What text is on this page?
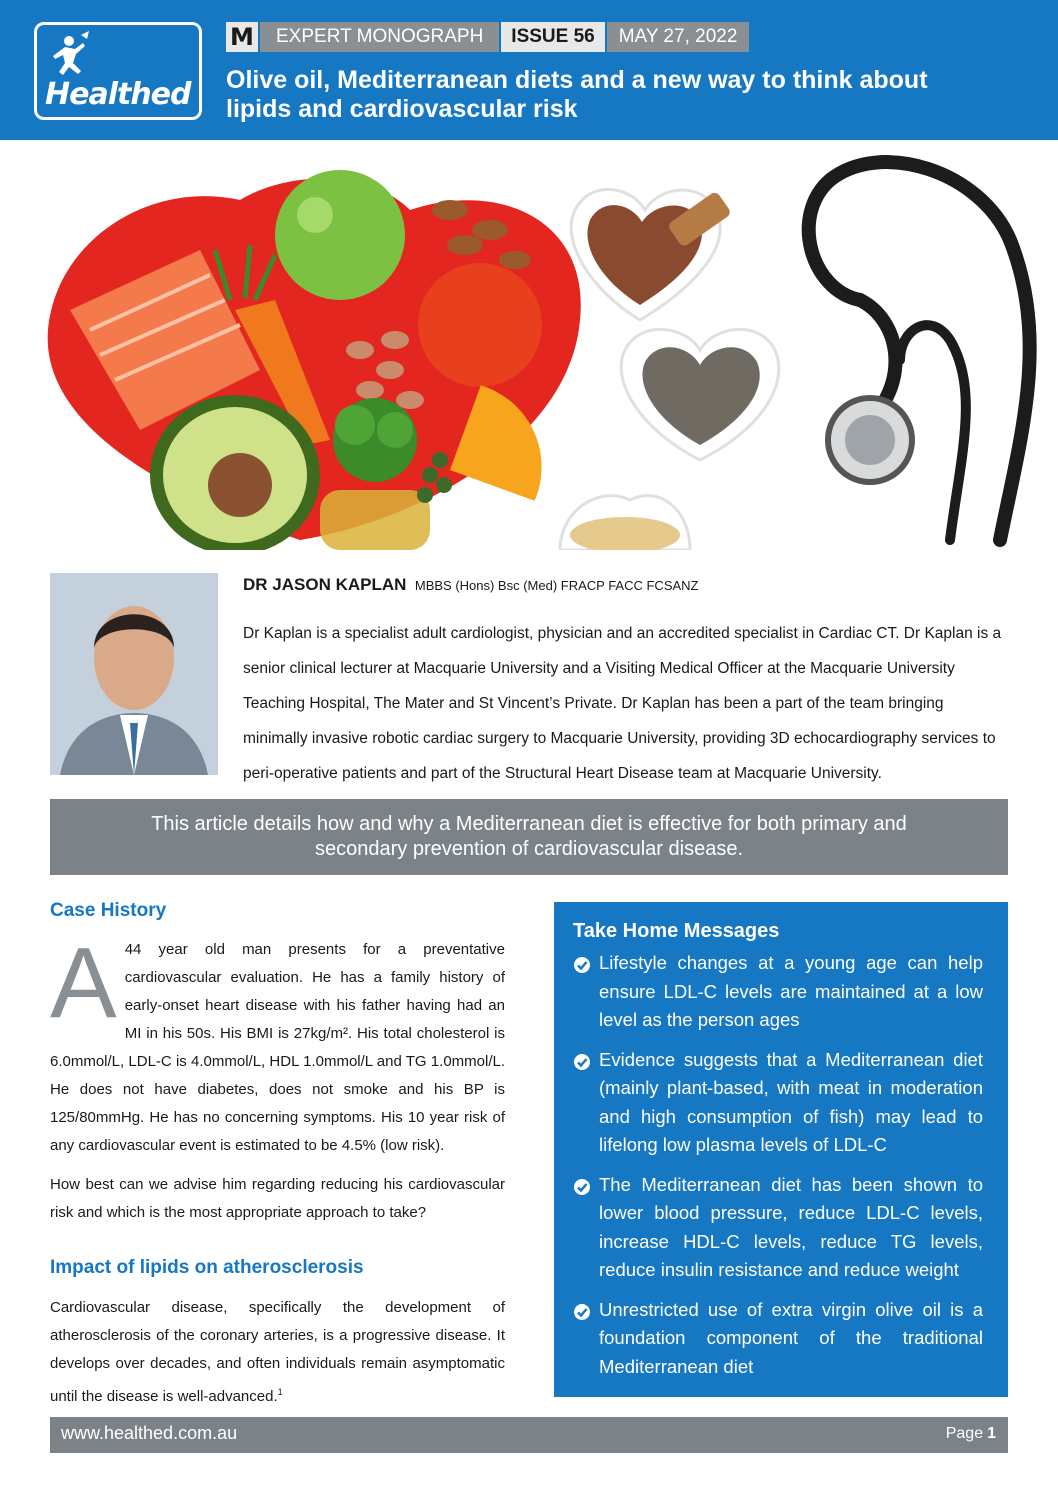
Healthed
M	EXPERT MONOGRAPH	ISSUE 56	MAY 27, 2022
Olive oil, Mediterranean diets and a new way to think about
lipids and cardiovascular risk
DR JASON KAPLAN MBBS (Hons) Bsc (Med) FRACP FACC FCSANZ
Dr Kaplan is a specialist adult cardiologist, physician and an accredited specialist in Cardiac CT. Dr Kaplan is a senior clinical lecturer at Macquarie University and a Visiting Medical Officer at the Macquarie University Teaching Hospital, The Mater and St Vincent’s Private. Dr Kaplan has been a part of the team bringing minimally invasive robotic cardiac surgery to Macquarie University, providing 3D echocardiography services to peri-operative patients and part of the Structural Heart Disease team at Macquarie University.
This article details how and why a Mediterranean diet is effective for both primary and
secondary prevention of cardiovascular disease.
Case History
A 44 year old man presents for a preventative cardiovascular evaluation. He has a family history of early-onset heart disease with his father having had an MI in his 50s. His BMI is 27kg/m². His total cholesterol is 6.0mmol/L, LDL-C is 4.0mmol/L, HDL 1.0mmol/L and TG 1.0mmol/L. He does not have diabetes, does not smoke and his BP is 125/80mmHg. He has no concerning symptoms. His 10 year risk of any cardiovascular event is estimated to be 4.5% (low risk).
How best can we advise him regarding reducing his cardiovascular risk and which is the most appropriate approach to take?
Impact of lipids on atherosclerosis
Cardiovascular disease, specifically the development of atherosclerosis of the coronary arteries, is a progressive disease. It develops over decades, and often individuals remain asymptomatic until the disease is well-advanced.$^1$
Take Home Messages
Lifestyle changes at a young age can help ensure LDL-C levels are maintained at a low level as the person ages
Evidence suggests that a Mediterranean diet (mainly plant-based, with meat in moderation and high consumption of fish) may lead to lifelong low plasma levels of LDL-C
The Mediterranean diet has been shown to lower blood pressure, reduce LDL-C levels, increase HDL-C levels, reduce TG levels, reduce insulin resistance and reduce weight
Unrestricted use of extra virgin olive oil is a foundation component of the traditional Mediterranean diet
www.healthed.com.au	Page 1
